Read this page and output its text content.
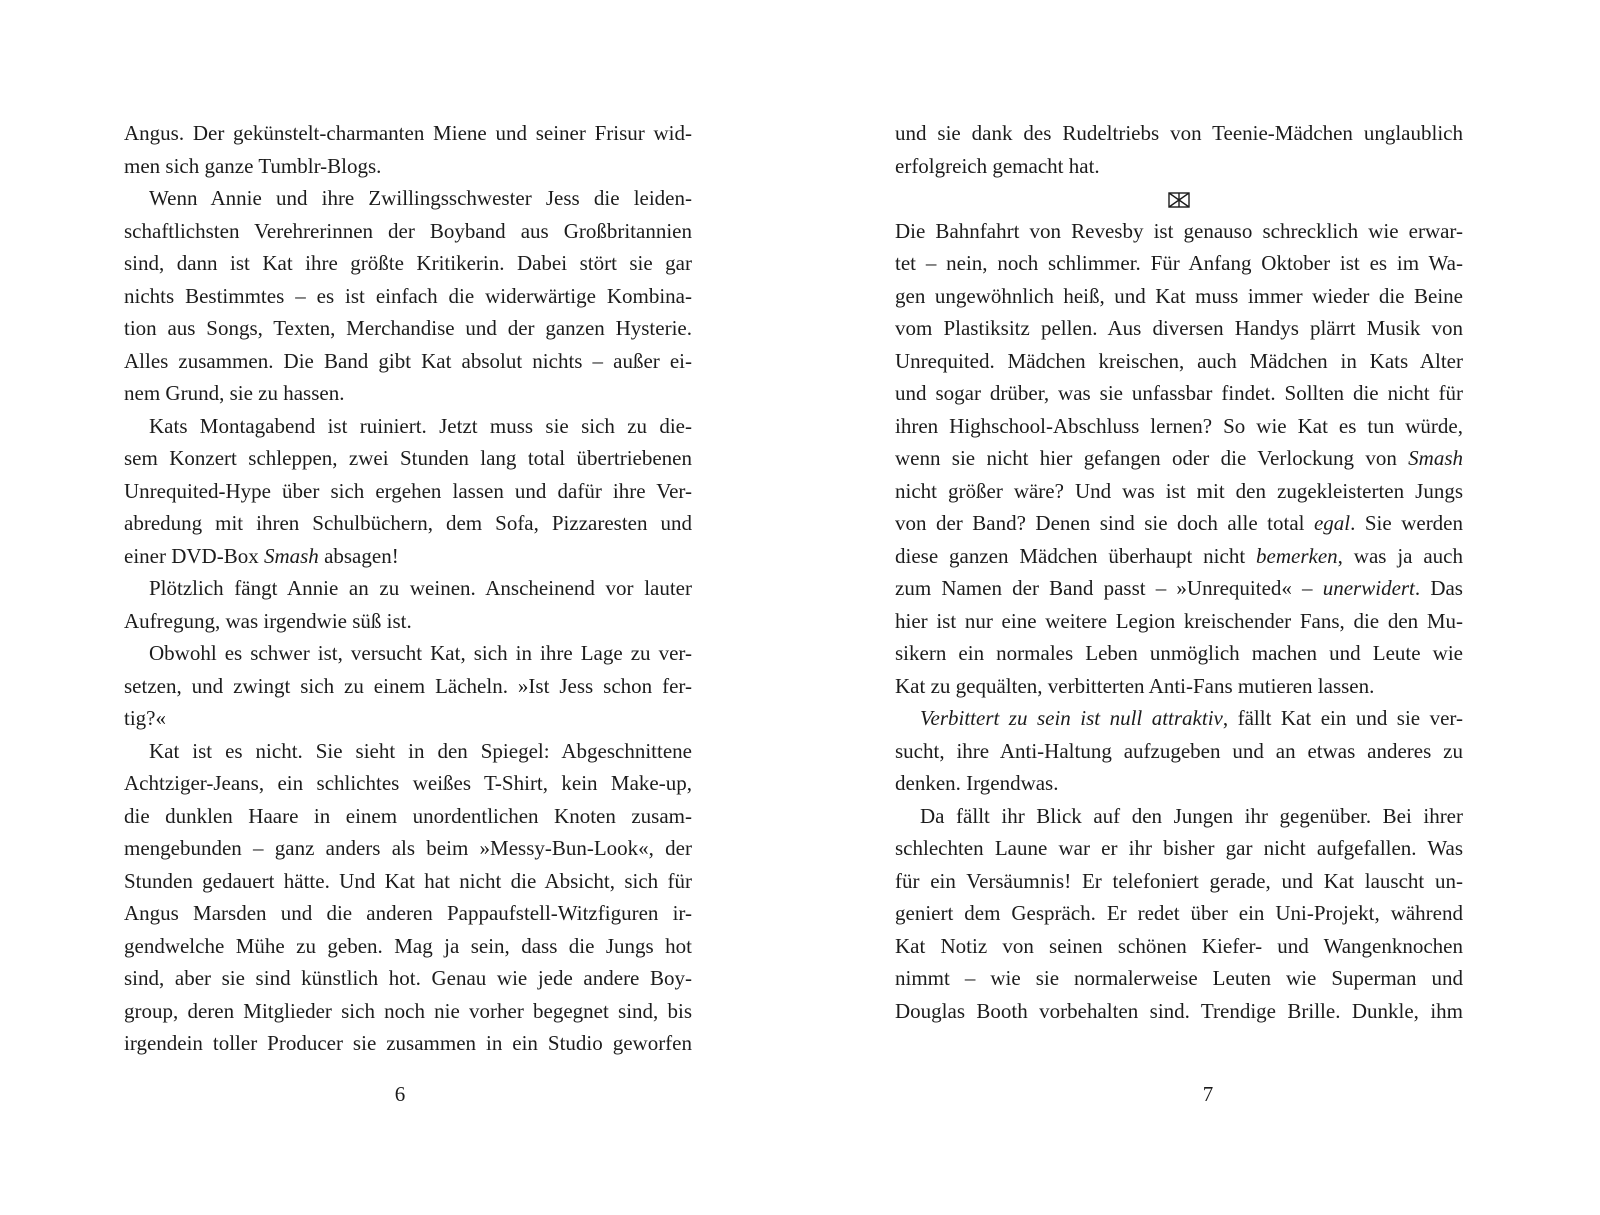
Angus. Der gekünstelt-charmanten Miene und seiner Frisur wid-
men sich ganze Tumblr-Blogs.
Wenn Annie und ihre Zwillingsschwester Jess die leiden-
schaftlichsten Verehrerinnen der Boyband aus Großbritannien
sind, dann ist Kat ihre größte Kritikerin. Dabei stört sie gar
nichts Bestimmtes – es ist einfach die widerwärtige Kombina-
tion aus Songs, Texten, Merchandise und der ganzen Hysterie.
Alles zusammen. Die Band gibt Kat absolut nichts – außer ei-
nem Grund, sie zu hassen.
Kats Montagabend ist ruiniert. Jetzt muss sie sich zu die-
sem Konzert schleppen, zwei Stunden lang total übertriebenen
Unrequited-Hype über sich ergehen lassen und dafür ihre Ver-
abredung mit ihren Schulbüchern, dem Sofa, Pizzaresten und
einer DVD-Box Smash absagen!
Plötzlich fängt Annie an zu weinen. Anscheinend vor lauter
Aufregung, was irgendwie süß ist.
Obwohl es schwer ist, versucht Kat, sich in ihre Lage zu ver-
setzen, und zwingt sich zu einem Lächeln. »Ist Jess schon fer-
tig?«
Kat ist es nicht. Sie sieht in den Spiegel: Abgeschnittene
Achtziger-Jeans, ein schlichtes weißes T-Shirt, kein Make-up,
die dunklen Haare in einem unordentlichen Knoten zusam-
mengebunden – ganz anders als beim »Messy-Bun-Look«, der
Stunden gedauert hätte. Und Kat hat nicht die Absicht, sich für
Angus Marsden und die anderen Pappaufstell-Witzfiguren ir-
gendwelche Mühe zu geben. Mag ja sein, dass die Jungs hot
sind, aber sie sind künstlich hot. Genau wie jede andere Boy-
group, deren Mitglieder sich noch nie vorher begegnet sind, bis
irgendein toller Producer sie zusammen in ein Studio geworfen
6
und sie dank des Rudeltriebs von Teenie-Mädchen unglaublich
erfolgreich gemacht hat.
Die Bahnfahrt von Revesby ist genauso schrecklich wie erwar-
tet – nein, noch schlimmer. Für Anfang Oktober ist es im Wa-
gen ungewöhnlich heiß, und Kat muss immer wieder die Beine
vom Plastiksitz pellen. Aus diversen Handys plärrt Musik von
Unrequited. Mädchen kreischen, auch Mädchen in Kats Alter
und sogar drüber, was sie unfassbar findet. Sollten die nicht für
ihren Highschool-Abschluss lernen? So wie Kat es tun würde,
wenn sie nicht hier gefangen oder die Verlockung von Smash
nicht größer wäre? Und was ist mit den zugekleisterten Jungs
von der Band? Denen sind sie doch alle total egal. Sie werden
diese ganzen Mädchen überhaupt nicht bemerken, was ja auch
zum Namen der Band passt – »Unrequited« – unerwidert. Das
hier ist nur eine weitere Legion kreischender Fans, die den Mu-
sikern ein normales Leben unmöglich machen und Leute wie
Kat zu gequälten, verbitterten Anti-Fans mutieren lassen.
Verbittert zu sein ist null attraktiv, fällt Kat ein und sie ver-
sucht, ihre Anti-Haltung aufzugeben und an etwas anderes zu
denken. Irgendwas.
Da fällt ihr Blick auf den Jungen ihr gegenüber. Bei ihrer
schlechten Laune war er ihr bisher gar nicht aufgefallen. Was
für ein Versäumnis! Er telefoniert gerade, und Kat lauscht un-
geniert dem Gespräch. Er redet über ein Uni-Projekt, während
Kat Notiz von seinen schönen Kiefer- und Wangenknochen
nimmt – wie sie normalerweise Leuten wie Superman und
Douglas Booth vorbehalten sind. Trendige Brille. Dunkle, ihm
7
